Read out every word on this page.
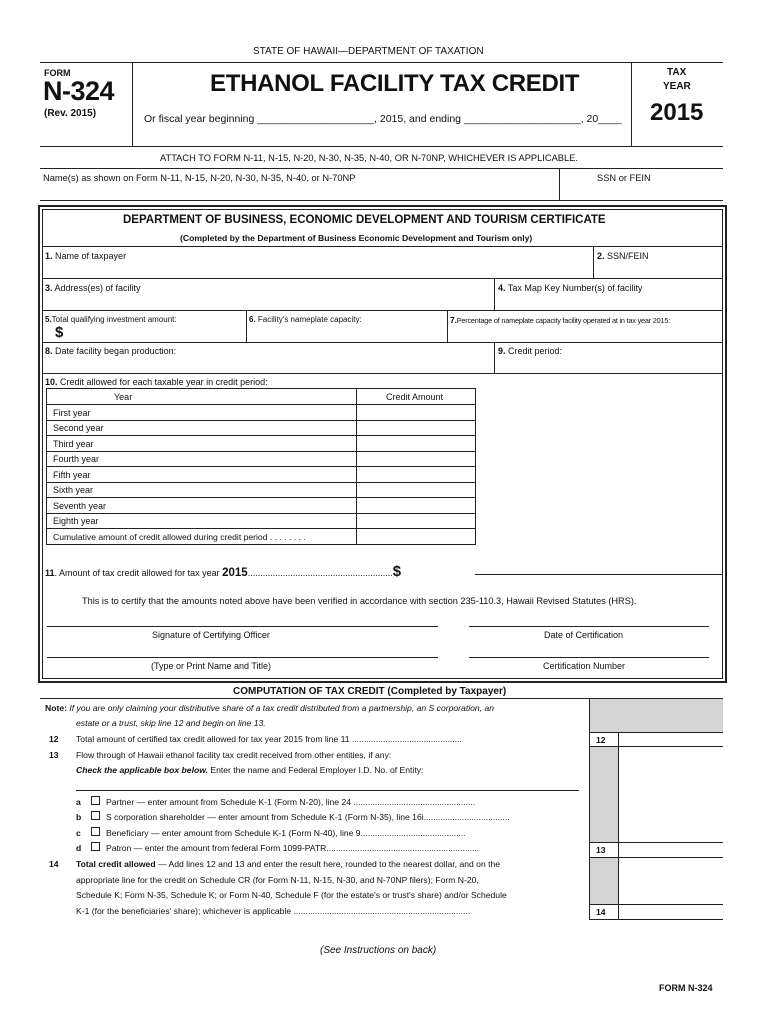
STATE OF HAWAII—DEPARTMENT OF TAXATION
FORM
N-324
(Rev. 2015)
ETHANOL FACILITY TAX CREDIT
Or fiscal year beginning ____________________, 2015, and ending ____________________, 20____
TAX
YEAR
2015
ATTACH TO FORM N-11, N-15, N-20, N-30, N-35, N-40, OR N-70NP, WHICHEVER IS APPLICABLE.
Name(s) as shown on Form N-11, N-15, N-20, N-30, N-35, N-40, or N-70NP	SSN or FEIN
DEPARTMENT OF BUSINESS, ECONOMIC DEVELOPMENT AND TOURISM CERTIFICATE
(Completed by the Department of Business Economic Development and Tourism only)
1. Name of taxpayer	2. SSN/FEIN
3. Address(es) of facility	4. Tax Map Key Number(s) of facility
5.Total qualifying investment amount:
$
6. Facility's nameplate capacity:	7.Percentage of nameplate capacity facility operated at in tax year 2015:
8. Date facility began production:	9. Credit period:
10. Credit allowed for each taxable year in credit period:
Year	Credit Amount
First year
Second year
Third year
Fourth year
Fifth year
Sixth year
Seventh year
Eighth year
Cumulative amount of credit allowed during credit period . . . . . . . .
11. Amount of tax credit allowed for tax year 2015..........................................................$
This is to certify that the amounts noted above have been verified in accordance with section 235-110.3, Hawaii Revised Statutes (HRS).
Signature of Certifying Officer	Date of Certification
(Type or Print Name and Title)	Certification Number
COMPUTATION OF TAX CREDIT (Completed by Taxpayer)
12
13
14
Note: If you are only claiming your distributive share of a tax credit distributed from a partnership, an S corporation, an
estate or a trust, skip line 12 and begin on line 13.
12 Total amount of certified tax credit allowed for tax year 2015 from line 11 ..............................................
13 Flow through of Hawaii ethanol facility tax credit received from other entities, if any:
Check the applicable box below. Enter the name and Federal Employer I.D. No. of Entity:
a	Partner — enter amount from Schedule K-1 (Form N-20), line 24 ...................................................
b	S corporation shareholder — enter amount from Schedule K-1 (Form N-35), line 16i....................................
c	Beneficiary — enter amount from Schedule K-1 (Form N-40), line 9............................................
d	Patron — enter the amount from federal Form 1099-PATR................................................................
14 Total credit allowed — Add lines 12 and 13 and enter the result here, rounded to the nearest dollar, and on the
appropriate line for the credit on Schedule CR (for Form N-11, N-15, N-30, and N-70NP filers); Form N-20,
Schedule K; Form N-35, Schedule K; or Form N-40, Schedule F (for the estate's or trust's share) and/or Schedule
K-1 (for the beneficiaries' share); whichever is applicable ..........................................................................
(See Instructions on back)
FORM N-324
